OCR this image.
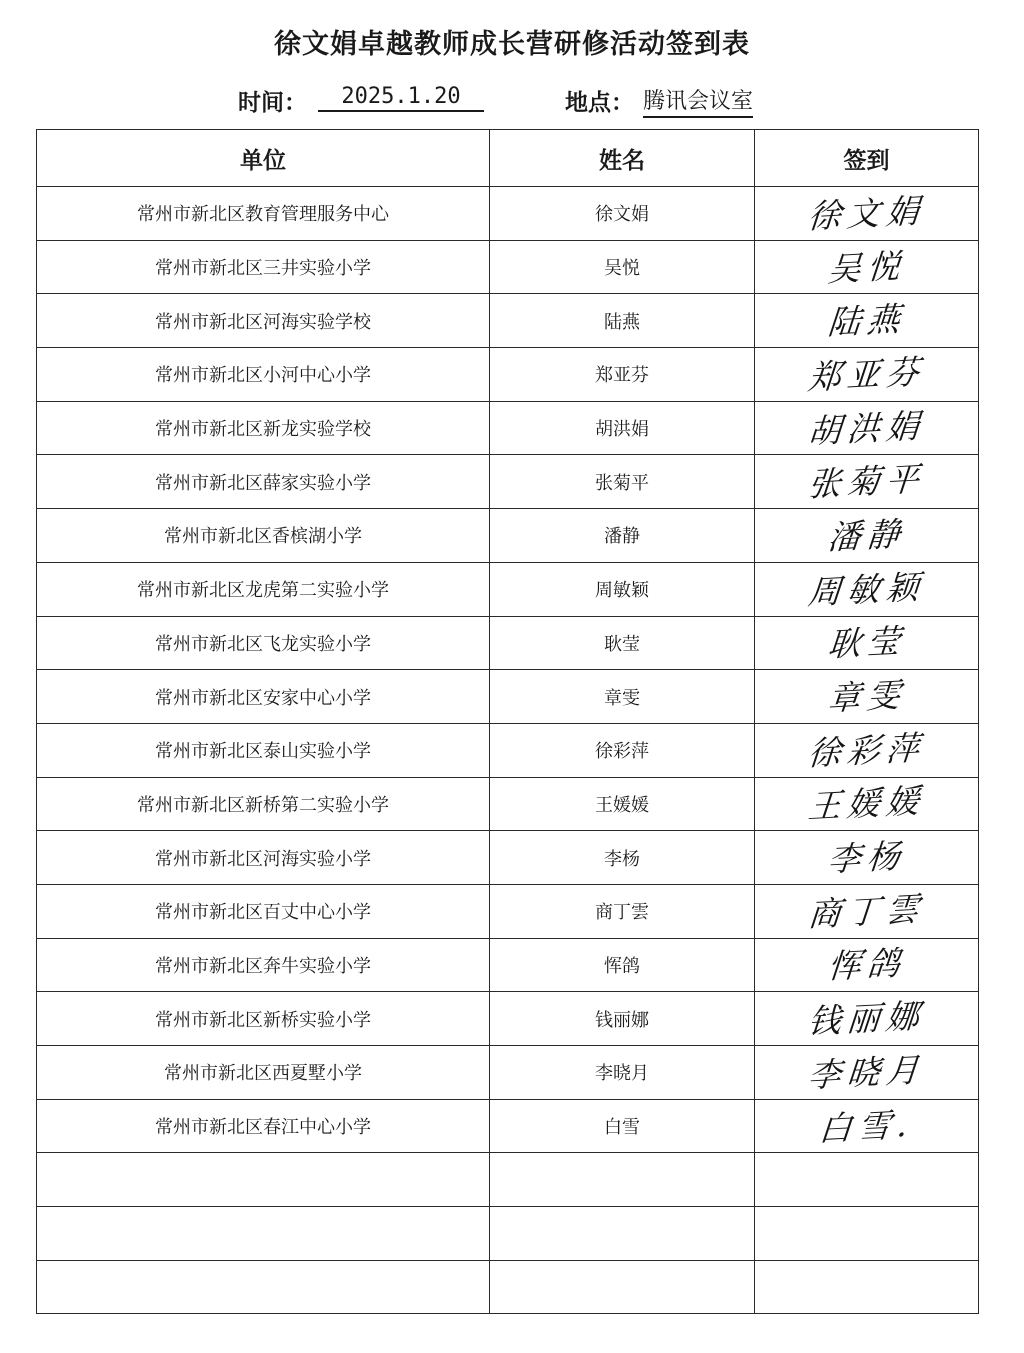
徐文娟卓越教师成长营研修活动签到表
时间：	2025.1.20	地点： 腾讯会议室
单位	姓名	签到
常州市新北区教育管理服务中心	徐文娟	徐文娟
常州市新北区三井实验小学	吴悦	吴悦
常州市新北区河海实验学校	陆燕	陆燕
常州市新北区小河中心小学	郑亚芬	郑亚芬
常州市新北区新龙实验学校	胡洪娟	胡洪娟
常州市新北区薛家实验小学	张菊平	张菊平
常州市新北区香槟湖小学	潘静	潘静
常州市新北区龙虎第二实验小学	周敏颖	周敏颖
常州市新北区飞龙实验小学	耿莹	耿莹
常州市新北区安家中心小学	章雯	章雯
常州市新北区泰山实验小学	徐彩萍	徐彩萍
常州市新北区新桥第二实验小学	王媛媛	王媛媛
常州市新北区河海实验小学	李杨	李杨
常州市新北区百丈中心小学	商丁雲	商丁雲
常州市新北区奔牛实验小学	恽鸽	恽鸽
常州市新北区新桥实验小学	钱丽娜	钱丽娜
常州市新北区西夏墅小学	李晓月	李晓月
常州市新北区春江中心小学	白雪	白雪.
